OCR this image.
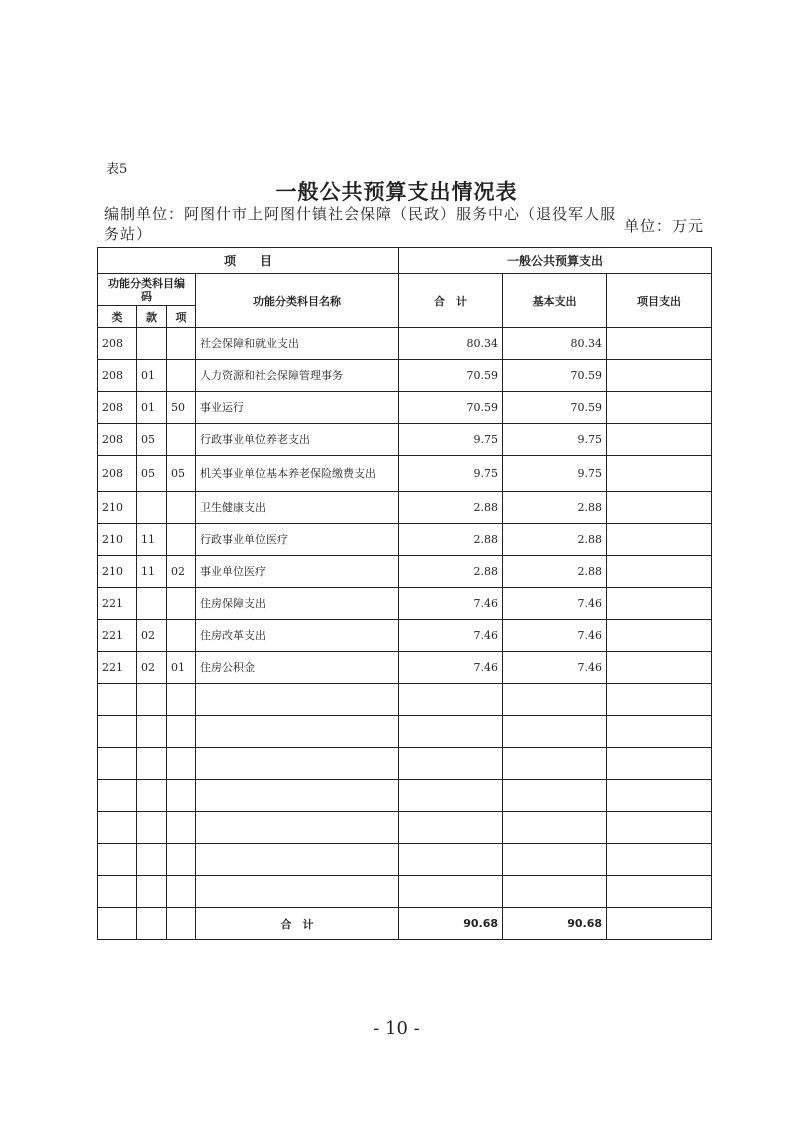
表5
一般公共预算支出情况表
编制单位：阿图什市上阿图什镇社会保障（民政）服务中心（退役军人服务站）	单位：万元
项　　目				一般公共预算支出		
功能分类科目编码			功能分类科目名称	合　计	基本支出	项目支出
类	款	项				
208			社会保障和就业支出	80.34	80.34	
208	01		人力资源和社会保障管理事务	70.59	70.59	
208	01	50	事业运行	70.59	70.59	
208	05		行政事业单位养老支出	9.75	9.75	
208	05	05	机关事业单位基本养老保险缴费支出	9.75	9.75	
210			卫生健康支出	2.88	2.88	
210	11		行政事业单位医疗	2.88	2.88	
210	11	02	事业单位医疗	2.88	2.88	
221			住房保障支出	7.46	7.46	
221	02		住房改革支出	7.46	7.46	
221	02	01	住房公积金	7.46	7.46	

			合　计	90.68	90.68	
- 10 -
